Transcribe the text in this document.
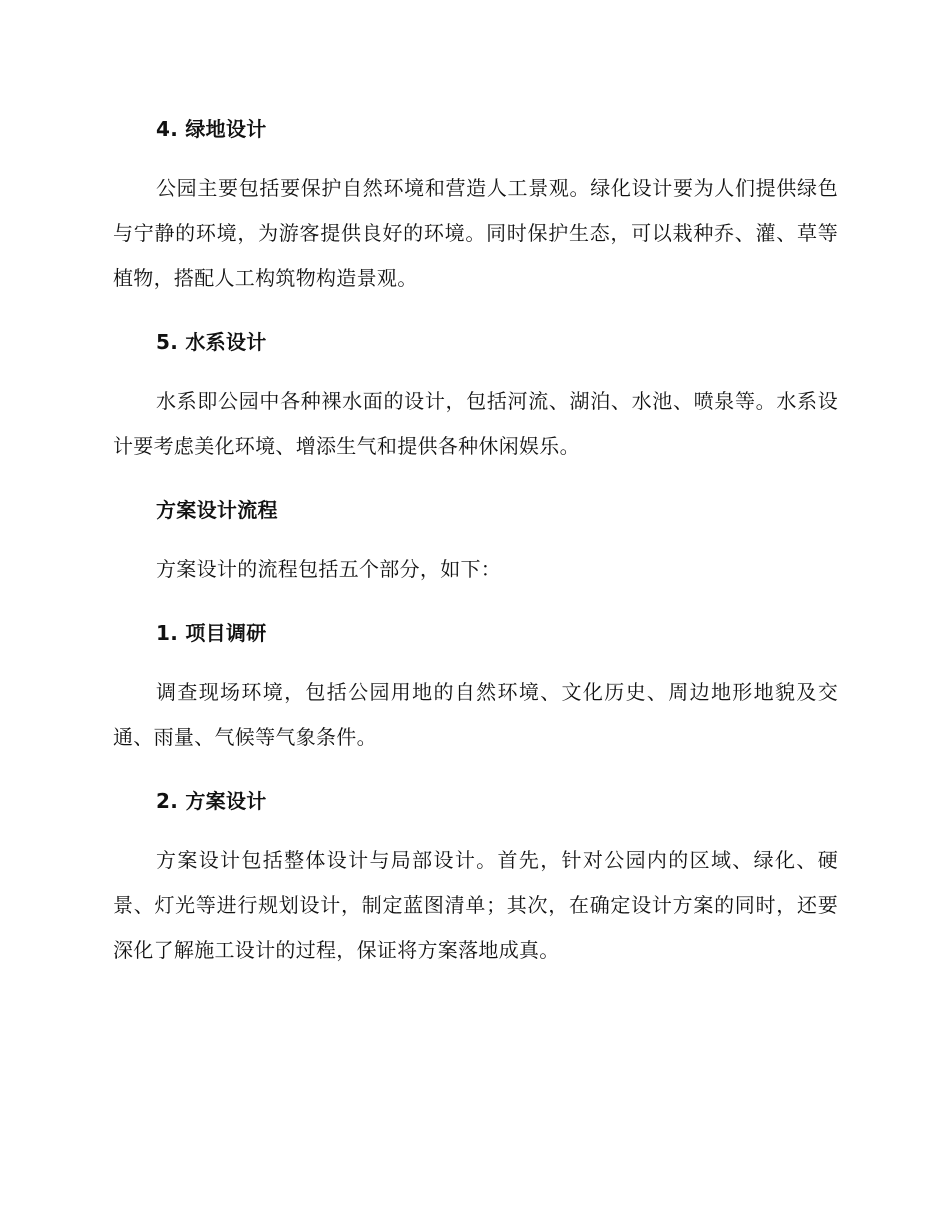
4. 绿地设计

公园主要包括要保护自然环境和营造人工景观。绿化设计要为人们提供绿色与宁静的环境，为游客提供良好的环境。同时保护生态，可以栽种乔、灌、草等植物，搭配人工构筑物构造景观。

5. 水系设计

水系即公园中各种裸水面的设计，包括河流、湖泊、水池、喷泉等。水系设计要考虑美化环境、增添生气和提供各种休闲娱乐。

方案设计流程

方案设计的流程包括五个部分，如下：

1. 项目调研

调查现场环境，包括公园用地的自然环境、文化历史、周边地形地貌及交通、雨量、气候等气象条件。

2. 方案设计

方案设计包括整体设计与局部设计。首先，针对公园内的区域、绿化、硬景、灯光等进行规划设计，制定蓝图清单；其次，在确定设计方案的同时，还要深化了解施工设计的过程，保证将方案落地成真。
